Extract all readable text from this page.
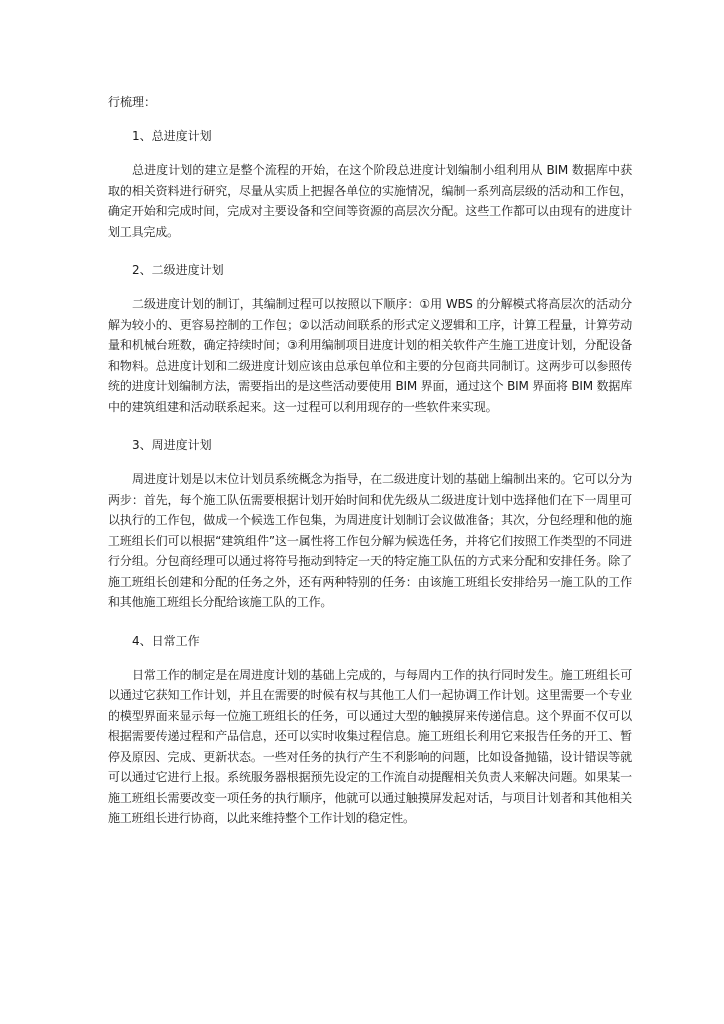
行梳理：

1、总进度计划

总进度计划的建立是整个流程的开始，在这个阶段总进度计划编制小组利用从 BIM 数据库中获取的相关资料进行研究，尽量从实质上把握各单位的实施情况，编制一系列高层级的活动和工作包，确定开始和完成时间，完成对主要设备和空间等资源的高层次分配。这些工作都可以由现有的进度计划工具完成。

2、二级进度计划

二级进度计划的制订，其编制过程可以按照以下顺序：①用 WBS 的分解模式将高层次的活动分解为较小的、更容易控制的工作包；②以活动间联系的形式定义逻辑和工序，计算工程量，计算劳动量和机械台班数，确定持续时间；③利用编制项目进度计划的相关软件产生施工进度计划，分配设备和物料。总进度计划和二级进度计划应该由总承包单位和主要的分包商共同制订。这两步可以参照传统的进度计划编制方法，需要指出的是这些活动要使用 BIM 界面，通过这个 BIM 界面将 BIM 数据库中的建筑组建和活动联系起来。这一过程可以利用现存的一些软件来实现。

3、周进度计划

周进度计划是以末位计划员系统概念为指导，在二级进度计划的基础上编制出来的。它可以分为两步：首先，每个施工队伍需要根据计划开始时间和优先级从二级进度计划中选择他们在下一周里可以执行的工作包，做成一个候选工作包集，为周进度计划制订会议做准备；其次，分包经理和他的施工班组长们可以根据“建筑组件”这一属性将工作包分解为候选任务，并将它们按照工作类型的不同进行分组。分包商经理可以通过将符号拖动到特定一天的特定施工队伍的方式来分配和安排任务。除了施工班组长创建和分配的任务之外，还有两种特别的任务：由该施工班组长安排给另一施工队的工作和其他施工班组长分配给该施工队的工作。

4、日常工作

日常工作的制定是在周进度计划的基础上完成的，与每周内工作的执行同时发生。施工班组长可以通过它获知工作计划，并且在需要的时候有权与其他工人们一起协调工作计划。这里需要一个专业的模型界面来显示每一位施工班组长的任务，可以通过大型的触摸屏来传递信息。这个界面不仅可以根据需要传递过程和产品信息，还可以实时收集过程信息。施工班组长利用它来报告任务的开工、暂停及原因、完成、更新状态。一些对任务的执行产生不利影响的问题，比如设备抛锚，设计错误等就可以通过它进行上报。系统服务器根据预先设定的工作流自动提醒相关负责人来解决问题。如果某一施工班组长需要改变一项任务的执行顺序，他就可以通过触摸屏发起对话，与项目计划者和其他相关施工班组长进行协商，以此来维持整个工作计划的稳定性。
